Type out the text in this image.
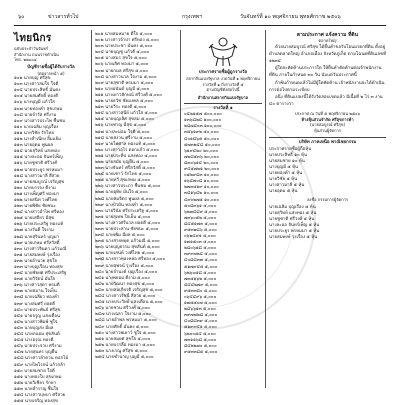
๖๐	ข่าวสารทั่วไป	กรุงเทพฯ	วันจันทร์ที่ ๑๐ พฤศจิกายน พุทธศักราช ๒๕๐๖
ไทยนิกร
ฉบับประจำวันจันทร์
สำนักงาน ถนนราชดำเนิน
โทร. ๒๒๐๐๔
บัญชีรายชื่อผู้ได้รับรางวัล
(ต่อจากหน้า ๕)
๑๐๒ นายบุญ ศรีสุข
๑๐๓ นางสาวสมใจ ใจดี
๑๐๔ นายประสิทธิ์ มั่นคง
๑๐๕ นายสมศักดิ์ ทองดี
๑๐๖ นางบุญมี แก้วใส
๑๐๗ นายทองคำ สุขเกษม
๑๐๘ นายจำรัส ศรีงาม
๑๐๙ นางสาวประไพ ชื่นชม
๑๑๐ นายเฉลิม บุญเรือง
๑๑๑ นายวิชัย รักไทย
๑๑๒ นางสำเนียง ยิ้มแย้ม
๑๑๓ นายอุดม พูนผล
๑๑๔ นายสุวิทย์ แสงทอง
๑๑๕ นางละออ จันทร์เพ็ญ
๑๑๖ นายชูชาติ ศรีวงศ์
๑๑๗ นายประยูร พรหมมา
๑๑๘ นางสาวมาลี สีสวย
๑๑๙ นายสมบูรณ์ เจริญสุข
๑๒๐ นายบรรจง ดีงาม
๑๒๑ นางเพ็ญศรี ทองมา
๑๒๒ นายสนิท วงศ์ไทย
๑๒๓ นายพิชัย ชัยชนะ
๑๒๔ นางสาวอำไพ ศรีทอง
๑๒๕ นายเสถียร มีสุข
๑๒๖ นายประเสริฐ ทองแท้
๑๒๗ นางวันดี ใจงาม
๑๒๘ นายสุรินทร์ บุญมา
๑๒๙ นายเกษม ศรีสวัสดิ์
๑๓๐ นางสาวจินดา แก้วมณี
๑๓๑ นายสมพงษ์ รุ่งเรือง
๑๓๒ นายอำนวย สุขใจ
๑๓๓ นางบุญเรือน ทองสุข
๑๓๔ นายชัยยศ ศรีประเสริฐ
๑๓๕ นายวิรัตน์ มั่นใจ
๑๓๖ นางสาวสุดา พรมดี
๑๓๗ นายสมาน ใจเย็น
๑๓๘ นายเฉลียว ทองคำ
๑๓๙ นางสมศรี ยอดดี
๑๔๐ นายประพันธ์ ศรีสุข
๑๔๑ นายจรูญ แสงเดือน
๑๔๒ นางสาวพิมพ์ ชูใจ
๑๔๓ นายบุญส่ง มีผล
๑๔๔ นายถนอม สุขสันต์
๑๔๕ นางอรุณ ทองดี
๑๔๖ นายประจวบ ศรีงาม
๑๔๗ นายสุนทร บุญยืน
๑๔๘ นางสาวลำดวน ดอกไม้
๑๔๙ นายไพโรจน์ แก้วกล้า
๑๕๐ นายสมชาย ใจดี
๑๕๑ นางทองใบ สุขเกษม
๑๕๒ นายวิเชียร รักษา
๑๕๓ นายสำราญ ชื่นใจ
๑๕๔ นางสาวบุษบา ศรีสวย
๑๕๕ นายเจริญ ทองสุข
๒๐๑ นายสมหมาย ดีใจ ๕,๐๐๐
๒๐๒ นางสาวจำปา ศรีทอง ๕,๐๐๐
๒๐๓ นายประชา มั่นคง ๕,๐๐๐
๒๐๔ นายบุญชู แก้วดี ๕,๐๐๐
๒๐๕ นางสมร สุขใจ ๕,๐๐๐
๒๐๖ นายเลิศ ทองมา ๕,๐๐๐
๒๐๗ นายกมล ศรีสุข ๕,๐๐๐
๒๐๘ นางสาวนวล ใจงาม ๕,๐๐๐
๒๐๙ นายสุชาติ พรมมา ๕,๐๐๐
๒๑๐ นายอนันต์ บุญมี ๕,๐๐๐
๒๑๑ นางเยาวลักษณ์ ศรีวงศ์ ๕,๐๐๐
๒๑๒ นายธวัช ชัยมงคล ๕,๐๐๐
๒๑๓ นายวีระ ทองดี ๕,๐๐๐
๒๑๔ นางสาวสุนีย์ แก้วใส ๕,๐๐๐
๒๑๕ นายบุญเลิศ สุขสม ๕,๐๐๐
๒๑๖ นายชาญ มีสุข ๕,๐๐๐
๒๑๗ นางละม่อม ใจดี ๕,๐๐๐
๒๑๘ นายสงวน ศรีงาม ๕,๐๐๐
๒๑๙ นายไพศาล ทองแท้ ๕,๐๐๐
๒๒๐ นางสาวอุไร ดอกแก้ว ๕,๐๐๐
๒๒๑ นายประทีป แสงทอง ๕,๐๐๐
๒๒๒ นายสมัย บุญยืน ๕,๐๐๐
๒๒๓ นางจันทร์ ศรีสวัสดิ์ ๕,๐๐๐
๒๒๔ นายเชาว์ รักไทย ๕,๐๐๐
๒๒๕ นายทวี สุขเกษม ๕,๐๐๐
๒๒๖ นางสาวประภา ชื่นชม ๕,๐๐๐
๒๒๗ นายอุทัย มั่นใจ ๕,๐๐๐
๒๒๘ นายสมจิตร พูนผล ๕,๐๐๐
๒๒๙ นางบัวผัน ทองคำ ๕,๐๐๐
๒๓๐ นายวินัย ศรีประเสริฐ ๕,๐๐๐
๒๓๑ นายสุเทพ ใจเย็น ๕,๐๐๐
๒๓๒ นางสาวศรีนวล ยอดดี ๕,๐๐๐
๒๓๓ นายประสาน ชัยชนะ ๕,๐๐๐
๒๓๔ นายเพิ่ม มีผล ๕,๐๐๐
๒๓๕ นางสายหยุด แก้วมณี ๕,๐๐๐
๒๓๖ นายบุญธรรม สุขสันต์ ๕,๐๐๐
๒๓๗ นายเสน่ห์ วงศ์ไทย ๕,๐๐๐
๒๓๘ นางสาวทองหล่อ ศรีทอง ๕,๐๐๐
๒๓๙ นายสุพจน์ รุ่งเรือง ๕,๐๐๐
๒๔๐ นายจำนงค์ บุญเรือง ๕,๐๐๐
๒๔๑ นางพยอม ดีงาม ๕,๐๐๐
๒๔๒ นายวัฒนา ทองสุข ๕,๐๐๐
๒๔๓ นายสมเกียรติ เจริญสุข ๕,๐๐๐
๒๔๔ นางสาวรัชนี สีสวย ๕,๐๐๐
๒๔๕ นายประวิทย์ แสงเดือน ๕,๐๐๐
๒๔๖ นายชวน ศรีวงศ์ ๕,๐๐๐
๒๔๗ นางเฉลา ใจงาม ๕,๐๐๐
๒๔๘ นายอำพล พรหมมา ๕,๐๐๐
๒๔๙ นายศักดิ์ มั่นคง ๕,๐๐๐
๒๕๐ นางสาวพเยาว์ ชูใจ ๕,๐๐๐
๒๕๑ นายสมยศ สุขใจ ๕,๐๐๐
๒๕๒ นายบรรลือ ทองมา ๕,๐๐๐
๒๕๓ นางเรณู ศรีสุข ๕,๐๐๐
๒๕๔ นายชำนาญ บุญมี ๕,๐๐๐
ประกาศรายชื่อผู้ถูกรางวัล
สลากกินแบ่งรัฐบาล งวดวันที่ ๑ พฤศจิกายน
รางวัลที่ ๑ ถึงรางวัลที่ ๕
ตามบัญชีดังต่อไปนี้
สำนักงานสลากกินแบ่งรัฐบาล
รางวัลที่ ๑
๐๔๒๑๕๗ ๕๐๐,๐๐๐
๑๓๖๘๒๔ ๑๐๐,๐๐๐
๒๘๗๔๐๓ ๑๐๐,๐๐๐
๓๕๖๑๙๒ ๕๐,๐๐๐
๔๐๑๘๖๕ ๕๐,๐๐๐
๕๗๓๒๔๘ ๕๐,๐๐๐
๖๑๙๔๒๐ ๒๐,๐๐๐
๗๒๘๕๓๖ ๒๐,๐๐๐
๘๓๐๖๑๔ ๒๐,๐๐๐
๙๔๕๗๒๑ ๒๐,๐๐๐
๐๕๒๙๘๓ ๑๐,๐๐๐
๑๖๔๗๐๘ ๑๐,๐๐๐
๒๗๓๕๑๙ ๑๐,๐๐๐
๓๘๑๖๔๒ ๑๐,๐๐๐
๔๙๐๒๗๕ ๑๐,๐๐๐
๕๐๘๓๖๑ ๕,๐๐๐
๖๒๗๔๘๙ ๕,๐๐๐
๗๓๖๐๕๒ ๕,๐๐๐
๘๔๕๑๗๓ ๕,๐๐๐
๙๕๓๒๘๖ ๕,๐๐๐
๐๖๒๔๙๑ ๕,๐๐๐
๑๗๑๕๐๓ ๕,๐๐๐
๒๘๐๖๑๘ ๕,๐๐๐
๓๙๙๗๒๔ ๕,๐๐๐
๔๐๘๘๓๗ ๕,๐๐๐
๕๑๗๙๔๕ ๕,๐๐๐
๖๒๖๐๕๘ ๕,๐๐๐
๗๓๕๑๖๒ ๕,๐๐๐
๘๔๔๒๗๙ ๕,๐๐๐
๙๕๓๓๘๐ ๕,๐๐๐
๐๖๔๔๙๖ ๕,๐๐๐
๑๗๕๕๐๗ ๕,๐๐๐
๒๘๖๖๑๓ ๕,๐๐๐
๓๙๗๗๒๘ ๕,๐๐๐
๔๐๘๘๓๙ ๕,๐๐๐
๕๑๙๙๔๑ ๕,๐๐๐
๖๒๐๐๕๔ ๕,๐๐๐
๗๓๑๑๖๘ ๕,๐๐๐
๘๔๒๒๗๐ ๕,๐๐๐
๙๕๓๓๘๕ ๕,๐๐๐
ตามประกาศ แจ้งความ ที่ดิน
ตลาดใหญ่
ด้วยนายสมบูรณ์ ศรีสุข ได้ยื่นคำขอรับโอนมรดกที่ดิน ตั้งอยู่ตำบลตลาดใหญ่ อำเภอเมือง จังหวัดภูเก็ต ตามโฉนดที่ดินเลขที่ ๑๒๓๔
ผู้ใดจะคัดค้านประการใด ให้ยื่นคำคัดค้านต่อเจ้าพนักงานที่ดิน ภายในกำหนด ๓๐ วัน นับแต่วันประกาศนี้
ถ้าพ้นกำหนดแล้วไม่มีผู้ใดคัดค้าน เจ้าพนักงานจะได้ดำเนินการต่อไปตามระเบียบ
อนึ่ง ที่ดินแปลงนี้ได้รังวัดสอบเขตแล้ว มีเนื้อที่ ๒ ไร่ ๓ งาน ๔๐ ตารางวา
ประกาศ ณ วันที่ ๕ พฤศจิกายน ๒๕๐๖
ห้างหุ้นส่วนจำกัด ศรีสุขการค้า
(นายสมบูรณ์ ศรีสุข)
หุ้นส่วนผู้จัดการ
บริษัท ภาคเหนือ พาณิชยกรรม
ประกาศรายชื่อผู้ถือหุ้น
นายประสิทธิ์ ๑๐ หุ้น
นายสมชาย ๑๐ หุ้น
นางบุญมี ๕ หุ้น
นายทองคำ ๕ หุ้น
นายวิชัย ๕ หุ้น
นางสาวมาลี ๕ หุ้น
นายอุดม ๕ หุ้น
ลงชื่อ กรรมการผู้จัดการ
นายเฉลิม บุญเรือง ๕ หุ้น
นายสุวิทย์ แสงทอง ๕ หุ้น
นายชูชาติ ศรีวงศ์ ๕ หุ้น
นางละออ จันทร์เพ็ญ ๕ หุ้น
นายประยูร พรหมมา ๕ หุ้น
นายสมพงษ์ รุ่งเรือง ๕ หุ้น
